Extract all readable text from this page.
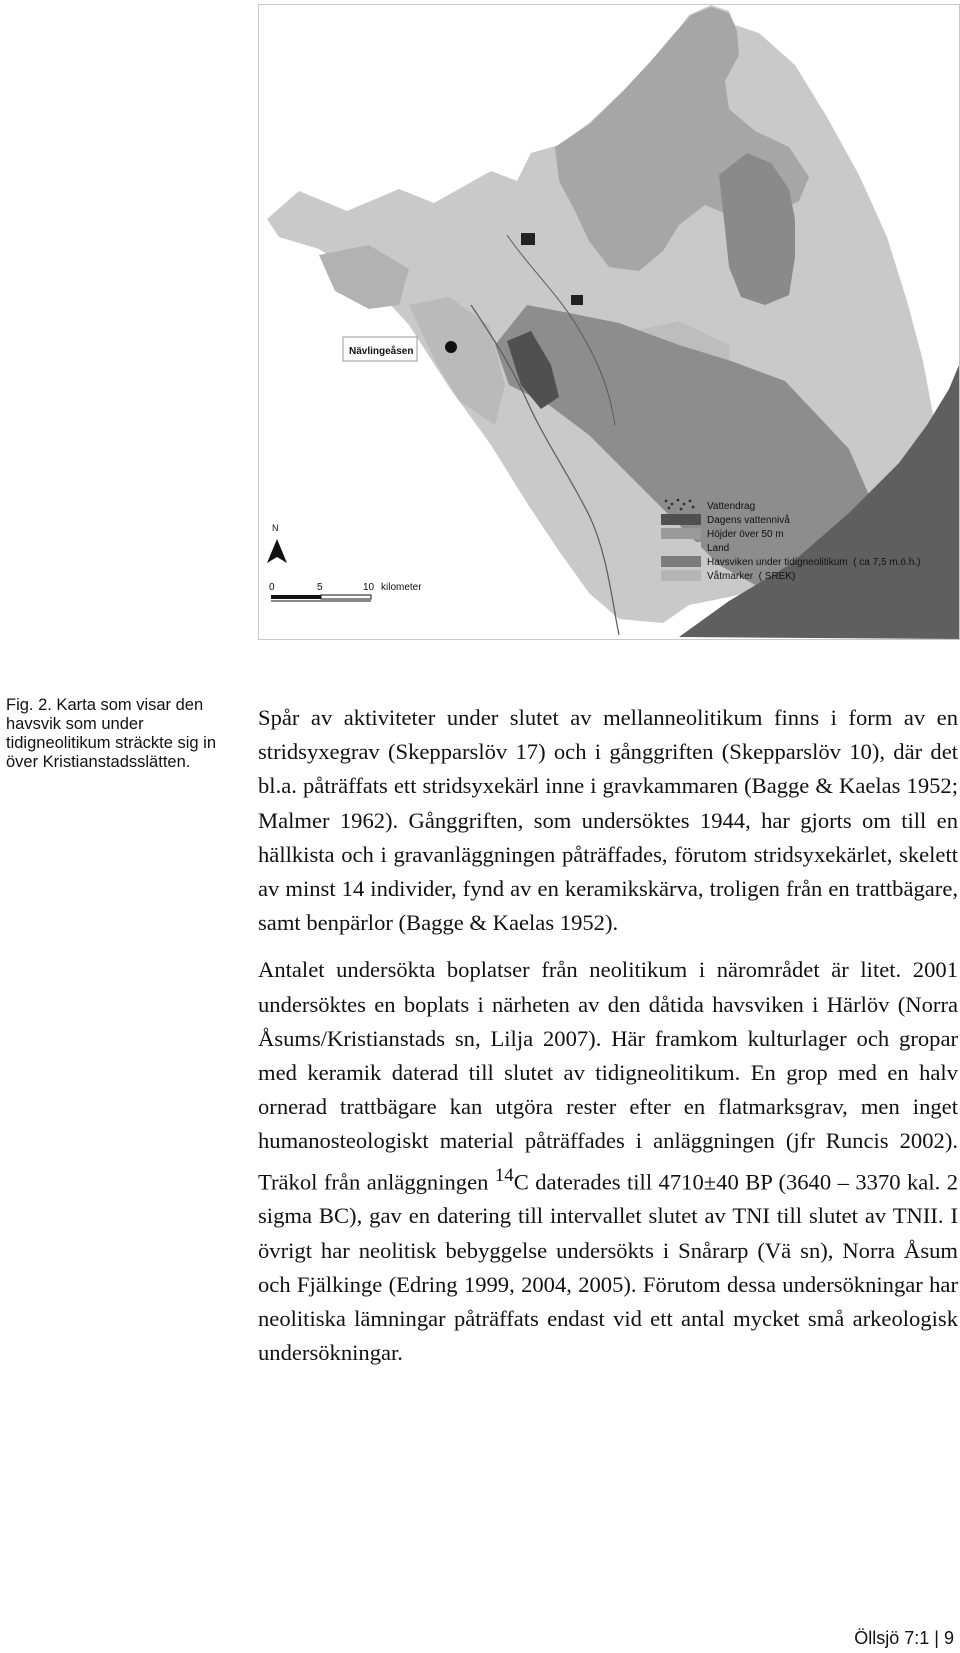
Nävlingeåsen
N
0	5	10 kilometer
Vattendrag
Dagens vattennivå
Höjder över 50 m
Land
Havsviken under tidigneolitikum  ( ca 7,5 m.ö.h.)
Våtmarker  ( SREK)
Fig. 2. Karta som visar den havsvik som under tidigneolitikum sträckte sig in över Kristianstadsslätten.

Spår av aktiviteter under slutet av mellanneolitikum finns i form av en stridsyxegrav (Skepparslöv 17) och i gånggriften (Skepparslöv 10), där det bl.a. påträffats ett stridsyxekärl inne i gravkammaren (Bagge & Kaelas 1952; Malmer 1962). Gånggriften, som undersöktes 1944, har gjorts om till en hällkista och i gravanläggningen påträffades, förutom stridsyxekärlet, skelett av minst 14 individer, fynd av en keramikskärva, troligen från en trattbägare, samt benpärlor (Bagge & Kaelas 1952).

Antalet undersökta boplatser från neolitikum i närområdet är litet. 2001 undersöktes en boplats i närheten av den dåtida havsviken i Härlöv (Norra Åsums/Kristianstads sn, Lilja 2007). Här framkom kulturlager och gropar med keramik daterad till slutet av tidigneolitikum. En grop med en halv ornerad trattbägare kan utgöra rester efter en flatmarksgrav, men inget humanosteologiskt material påträffades i anläggningen (jfr Runcis 2002). Träkol från anläggningen $^{14}$C daterades till 4710±40 BP (3640 – 3370 kal. 2 sigma BC), gav en datering till intervallet slutet av TNI till slutet av TNII. I övrigt har neolitisk bebyggelse undersökts i Snårarp (Vä sn), Norra Åsum och Fjälkinge (Edring 1999, 2004, 2005). Förutom dessa undersökningar har neolitiska lämningar påträffats endast vid ett antal mycket små arkeologisk undersökningar.

Öllsjö 7:1 | 9
